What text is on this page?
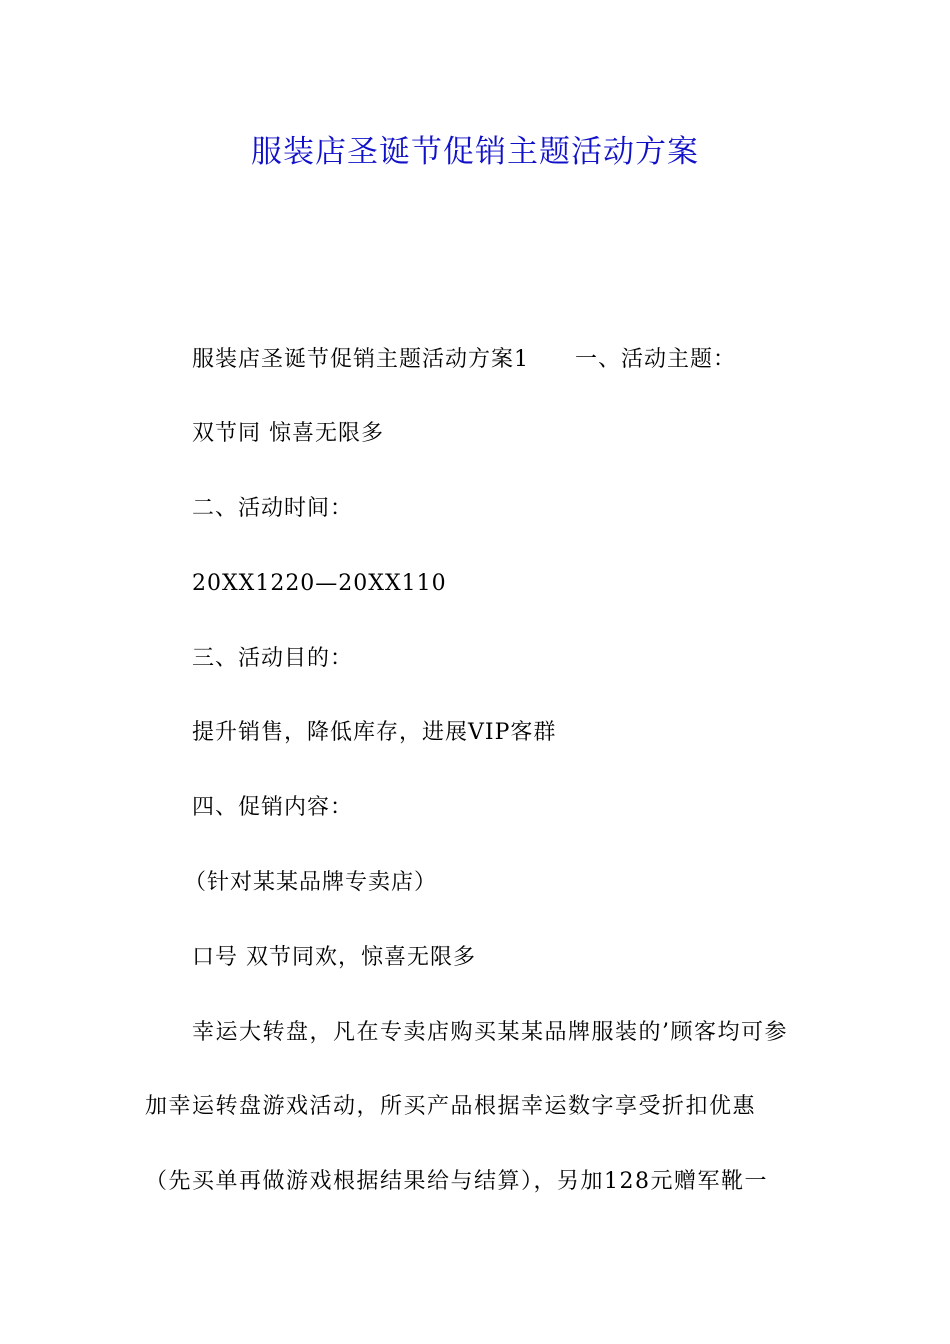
服装店圣诞节促销主题活动方案
服装店圣诞节促销主题活动方案1 一、活动主题：
双节同 惊喜无限多
二、活动时间：
20XX1220—20XX110
三、活动目的：
提升销售，降低库存，进展VIP客群
四、促销内容：
（针对某某品牌专卖店）
口号 双节同欢，惊喜无限多
幸运大转盘，凡在专卖店购买某某品牌服装的’顾客均可参
加幸运转盘游戏活动，所买产品根据幸运数字享受折扣优惠
（先买单再做游戏根据结果给与结算），另加128元赠军靴一
